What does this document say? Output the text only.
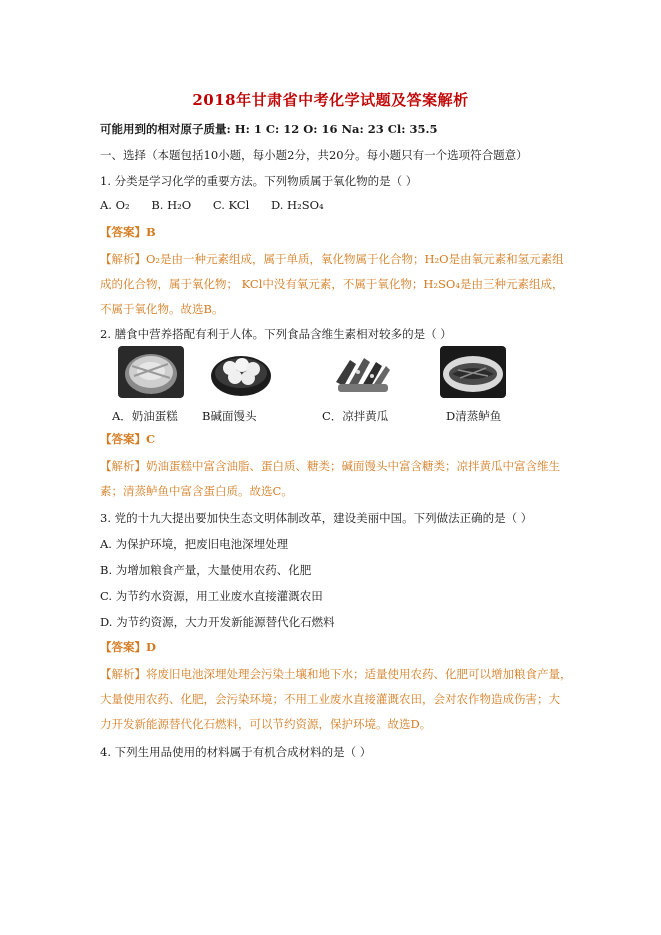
2018年甘肃省中考化学试题及答案解析
可能用到的相对原子质量: H: 1 C: 12 O: 16 Na: 23 Cl: 35.5
一、选择（本题包括10小题，每小题2分，共20分。每小题只有一个选项符合题意）
1. 分类是学习化学的重要方法。下列物质属于氧化物的是（ ）
A. O₂ B. H₂O C. KCl D. H₂SO₄
【答案】B
【解析】O₂是由一种元素组成，属于单质，氧化物属于化合物；H₂O是由氧元素和氢元素组
成的化合物，属于氧化物； KCl中没有氧元素，不属于氧化物；H₂SO₄是由三种元素组成，
不属于氧化物。故选B。
2. 膳食中营养搭配有利于人体。下列食品含维生素相对较多的是（ ）
A．奶油蛋糕 B碱面馒头	C．凉拌黄瓜	D清蒸鲈鱼
【答案】C
【解析】奶油蛋糕中富含油脂、蛋白质、糖类；碱面馒头中富含糖类；凉拌黄瓜中富含维生
素；清蒸鲈鱼中富含蛋白质。故选C。
3. 党的十九大提出要加快生态文明体制改革，建设美丽中国。下列做法正确的是（ ）
A. 为保护环境，把废旧电池深埋处理
B. 为增加粮食产量，大量使用农药、化肥
C. 为节约水资源，用工业废水直接灌溉农田
D. 为节约资源，大力开发新能源替代化石燃料
【答案】D
【解析】将废旧电池深埋处理会污染土壤和地下水；适量使用农药、化肥可以增加粮食产量，
大量使用农药、化肥，会污染环境；不用工业废水直接灌溉农田，会对农作物造成伤害；大
力开发新能源替代化石燃料，可以节约资源，保护环境。故选D。
4. 下列生用品使用的材料属于有机合成材料的是（ ）
